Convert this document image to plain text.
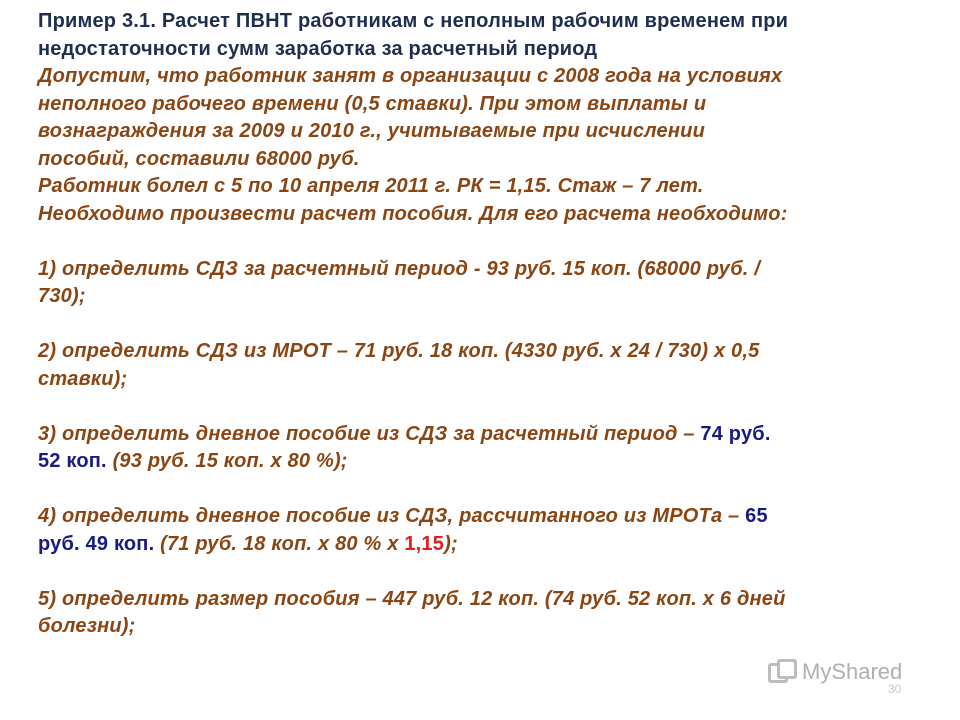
Пример 3.1. Расчет ПВНТ работникам с неполным рабочим временем при
недостаточности сумм заработка за расчетный период
Допустим, что работник занят в организации с 2008 года на условиях
неполного рабочего времени (0,5 ставки). При этом выплаты и
вознаграждения за 2009 и 2010 г., учитываемые при исчислении
пособий, составили 68000 руб.
Работник болел с 5 по 10 апреля 2011 г. РК = 1,15. Стаж – 7 лет.
Необходимо произвести расчет пособия. Для его расчета необходимо:
1) определить СДЗ за расчетный период - 93 руб. 15 коп. (68000 руб. /
730);
2) определить СДЗ из МРОТ – 71 руб. 18 коп. (4330 руб. х 24 / 730) х 0,5
ставки);
3) определить дневное пособие из СДЗ за расчетный период – 74 руб.
52 коп. (93 руб. 15 коп. х 80 %);
4) определить дневное пособие из СДЗ, рассчитанного из МРОТа – 65
руб. 49 коп. (71 руб. 18 коп. х 80 % х 1,15);
5) определить размер пособия – 447 руб. 12 коп. (74 руб. 52 коп. х 6 дней
болезни);
MyShared
30
